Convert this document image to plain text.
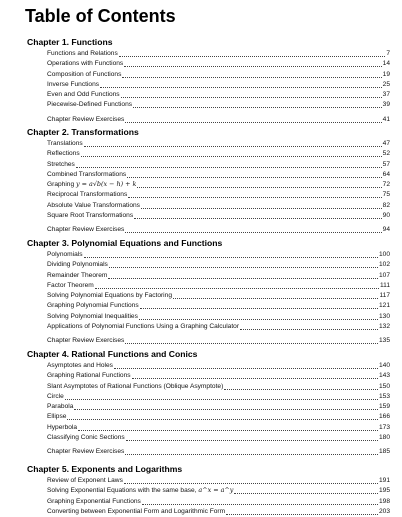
Table of Contents
Chapter 1. Functions
Functions and Relations	7
Operations with Functions	14
Composition of Functions	19
Inverse Functions	25
Even and Odd Functions	37
Piecewise-Defined Functions	39
Chapter Review Exercises	41
Chapter 2. Transformations
Translations	47
Reflections	52
Stretches	57
Combined Transformations	64
Graphing y = a√b(x − h) + k	72
Reciprocal Transformations	75
Absolute Value Transformations	82
Square Root Transformations	90
Chapter Review Exercises	94
Chapter 3. Polynomial Equations and Functions
Polynomials	100
Dividing Polynomials	102
Remainder Theorem	107
Factor Theorem	111
Solving Polynomial Equations by Factoring	117
Graphing Polynomial Functions	121
Solving Polynomial Inequalities	130
Applications of Polynomial Functions Using a Graphing Calculator	132
Chapter Review Exercises	135
Chapter 4. Rational Functions and Conics
Asymptotes and Holes	140
Graphing Rational Functions	143
Slant Asymptotes of Rational Functions (Oblique Asymptote)	150
Circle	153
Parabola	159
Ellipse	166
Hyperbola	173
Classifying Conic Sections	180
Chapter Review Exercises	185
Chapter 5. Exponents and Logarithms
Review of Exponent Laws	191
Solving Exponential Equations with the same base, a^x = a^y	195
Graphing Exponential Functions	198
Converting between Exponential Form and Logarithmic Form	203
